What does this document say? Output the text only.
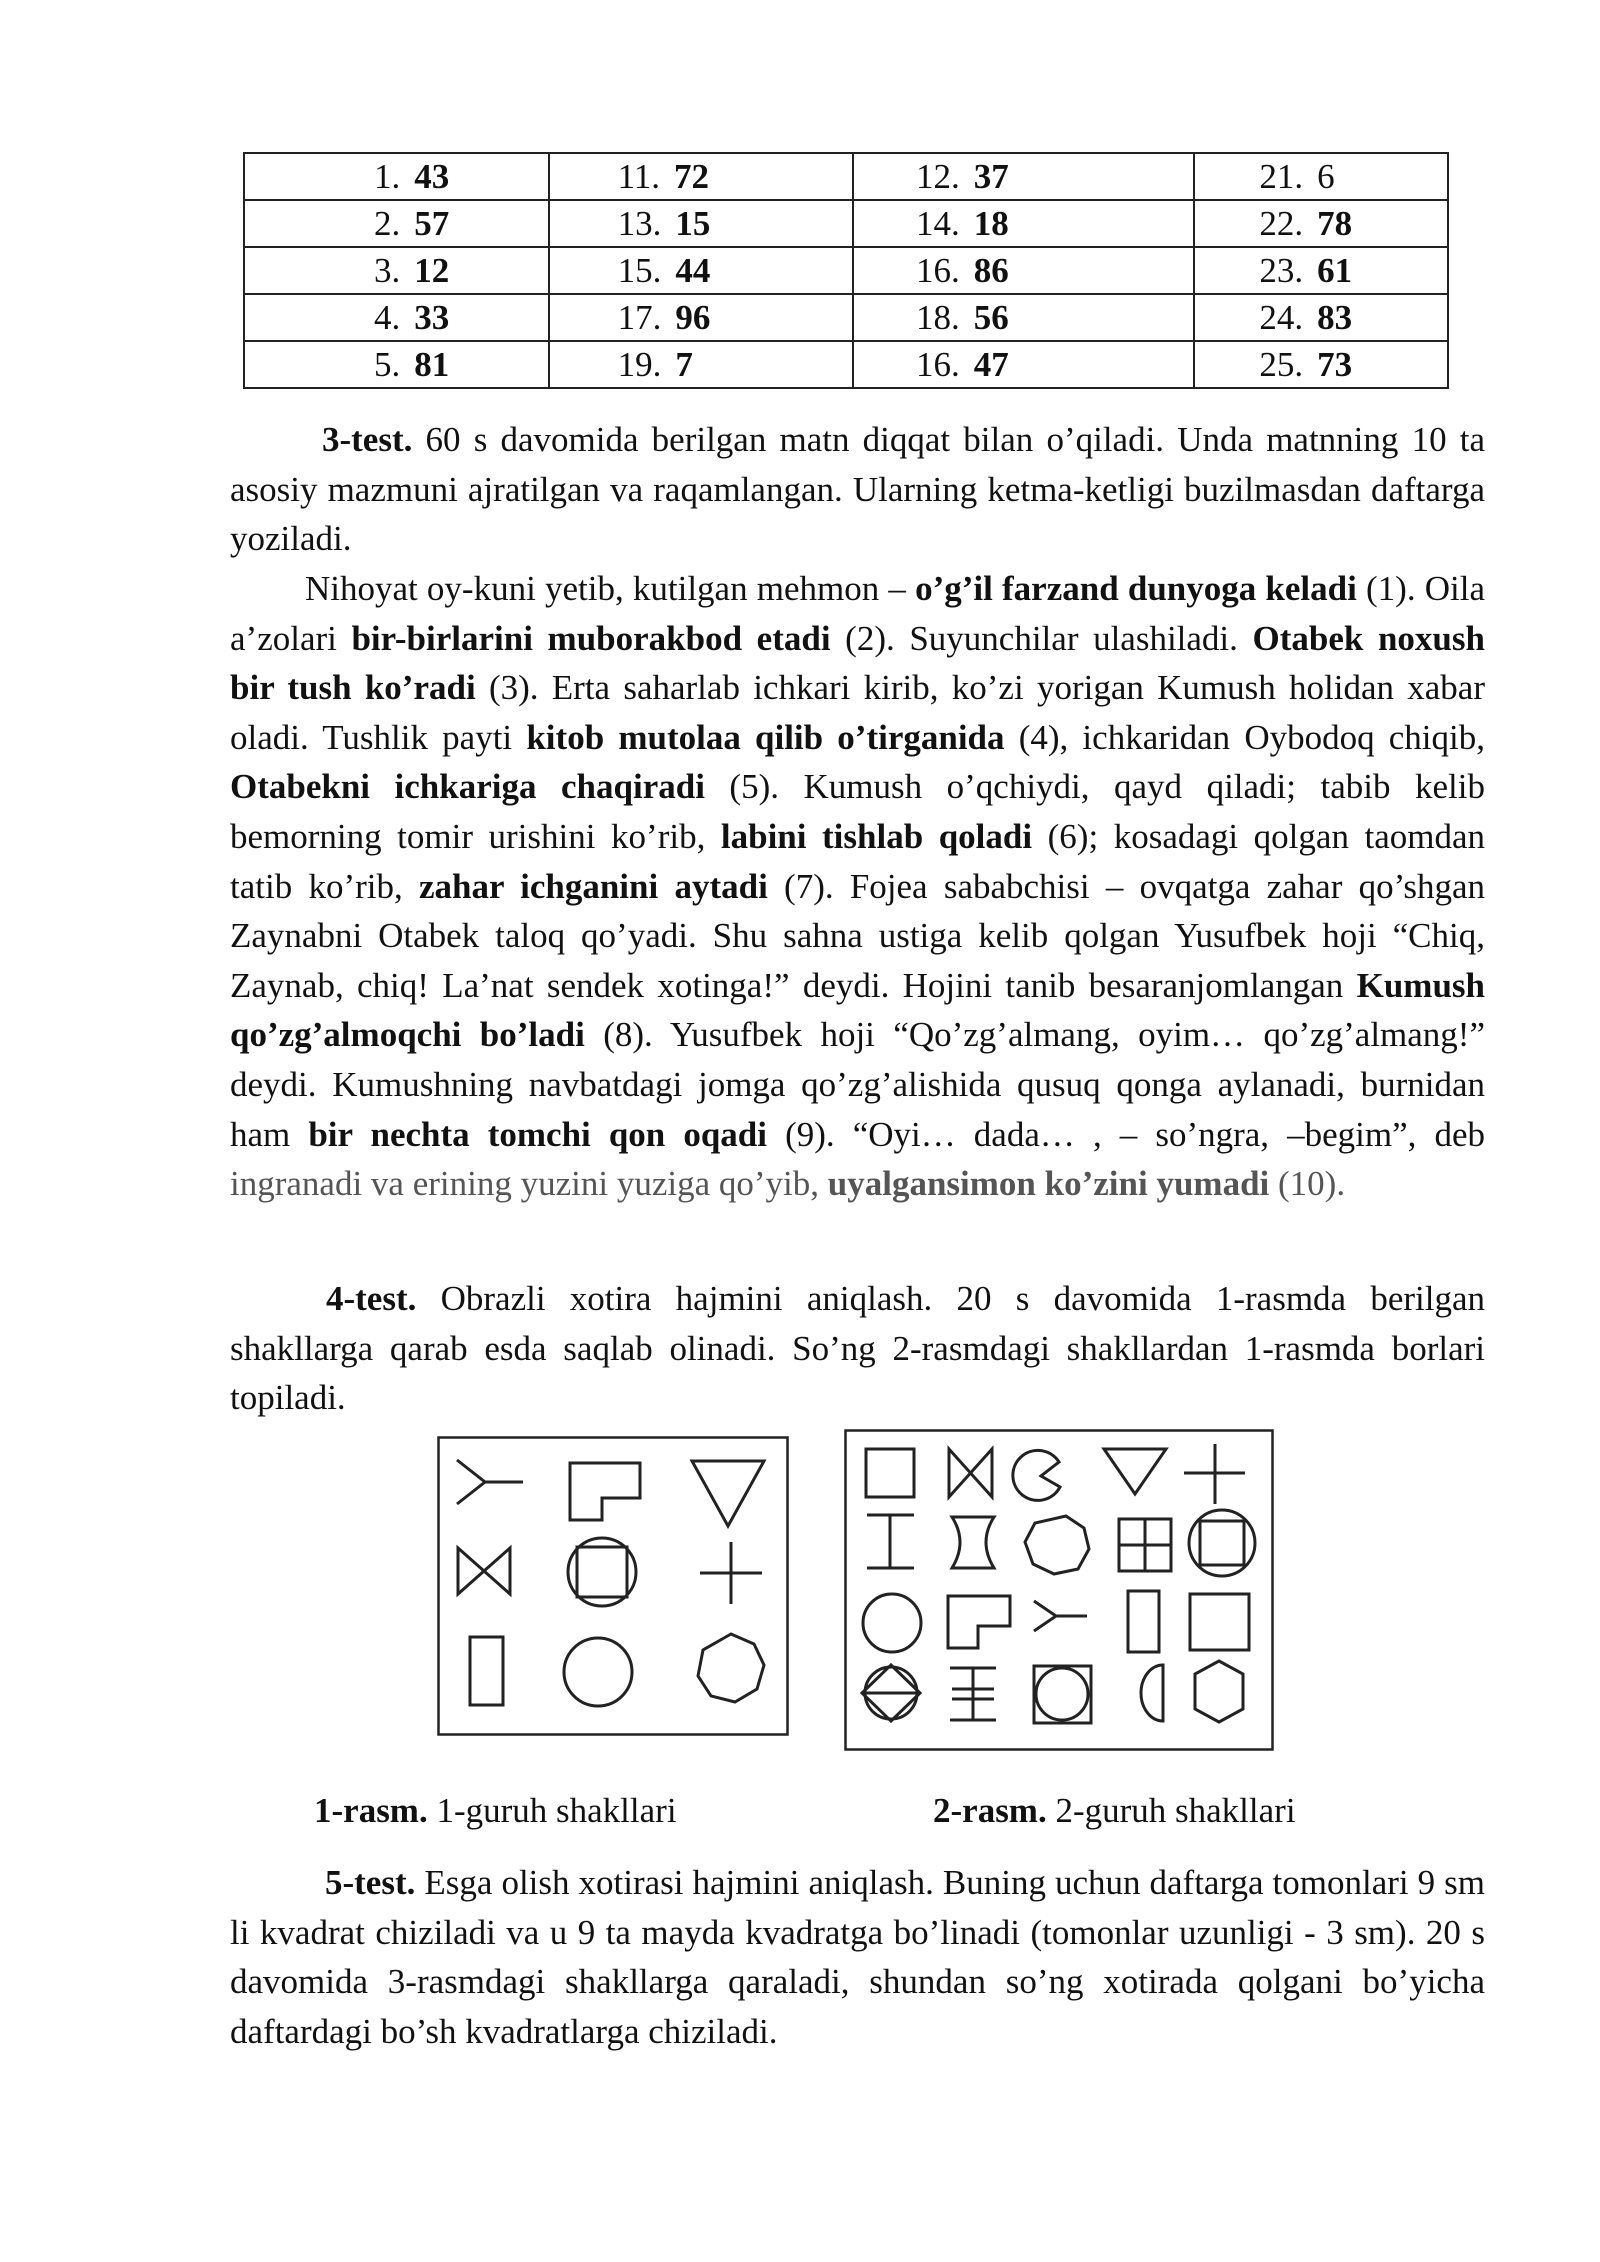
1. 43	11. 72	12. 37	21. 6
2. 57	13. 15	14. 18	22. 78
3. 12	15. 44	16. 86	23. 61
4. 33	17. 96	18. 56	24. 83
5. 81	19. 7	16. 47	25. 73

3-test. 60 s davomida berilgan matn diqqat bilan o’qiladi. Unda matnning 10 ta asosiy mazmuni ajratilgan va raqamlangan. Ularning ketma-ketligi buzilmasdan daftarga yoziladi.

Nihoyat oy-kuni yetib, kutilgan mehmon – o’g’il farzand dunyoga keladi (1). Oila a’zolari bir-birlarini muborakbod etadi (2). Suyunchilar ulashiladi. Otabek noxush bir tush ko’radi (3). Erta saharlab ichkari kirib, ko’zi yorigan Kumush holidan xabar oladi. Tushlik payti kitob mutolaa qilib o’tirganida (4), ichkaridan Oybodoq chiqib, Otabekni ichkariga chaqiradi (5). Kumush o’qchiydi, qayd qiladi; tabib kelib bemorning tomir urishini ko’rib, labini tishlab qoladi (6); kosadagi qolgan taomdan tatib ko’rib, zahar ichganini aytadi (7). Fojea sababchisi – ovqatga zahar qo’shgan Zaynabni Otabek taloq qo’yadi. Shu sahna ustiga kelib qolgan Yusufbek hoji “Chiq, Zaynab, chiq! La’nat sendek xotinga!” deydi. Hojini tanib besaranjomlangan Kumush qo’zg’almoqchi bo’ladi (8). Yusufbek hoji “Qo’zg’almang, oyim… qo’zg’almang!” deydi. Kumushning navbatdagi jomga qo’zg’alishida qusuq qonga aylanadi, burnidan ham bir nechta tomchi qon oqadi (9). “Oyi… dada… , – so’ngra, –begim”, deb ingranadi va erining yuzini yuziga qo’yib, uyalgansimon ko’zini yumadi (10).

4-test. Obrazli xotira hajmini aniqlash. 20 s davomida 1-rasmda berilgan shakllarga qarab esda saqlab olinadi. So’ng 2-rasmdagi shakllardan 1-rasmda borlari topiladi.

1-rasm. 1-guruh shakllari	2-rasm. 2-guruh shakllari

5-test. Esga olish xotirasi hajmini aniqlash. Buning uchun daftarga tomonlari 9 sm li kvadrat chiziladi va u 9 ta mayda kvadratga bo’linadi (tomonlar uzunligi - 3 sm). 20 s davomida 3-rasmdagi shakllarga qaraladi, shundan so’ng xotirada qolgani bo’yicha daftardagi bo’sh kvadratlarga chiziladi.
